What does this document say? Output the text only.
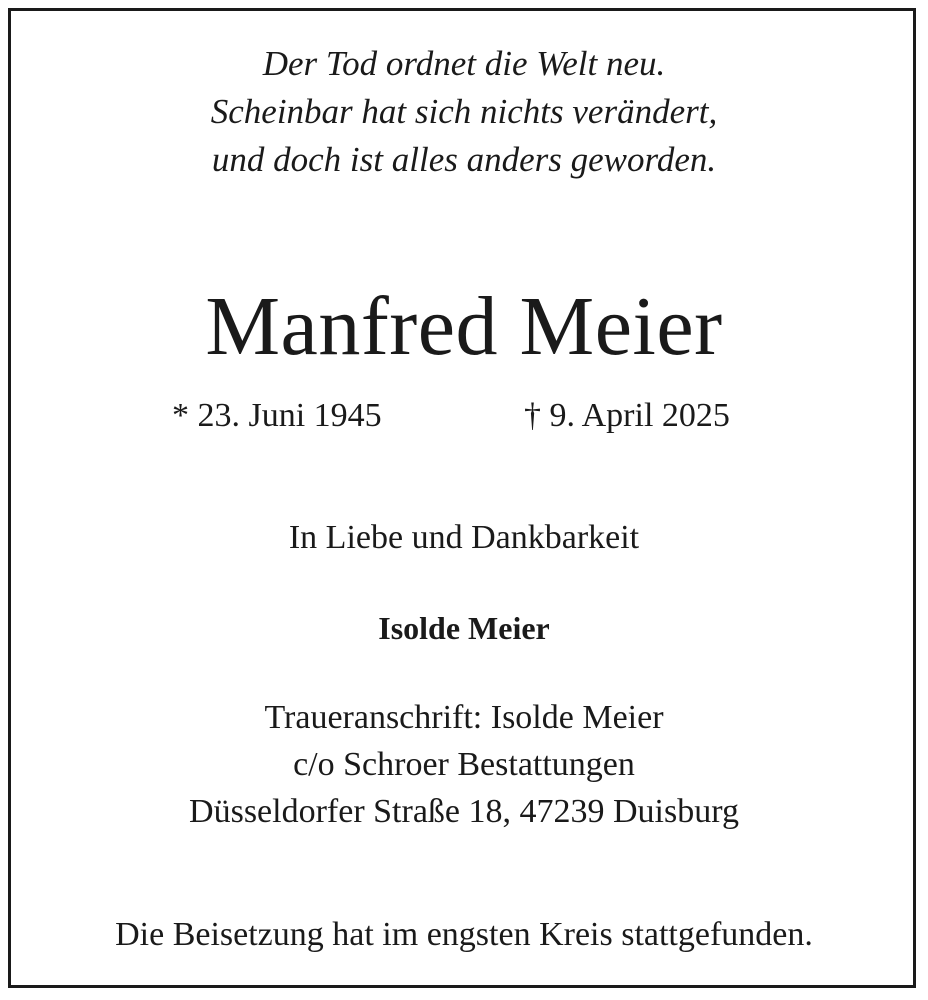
Der Tod ordnet die Welt neu.
Scheinbar hat sich nichts verändert,
und doch ist alles anders geworden.
Manfred Meier
* 23. Juni 1945	† 9. April 2025
In Liebe und Dankbarkeit
Isolde Meier
Traueranschrift: Isolde Meier
c/o Schroer Bestattungen
Düsseldorfer Straße 18, 47239 Duisburg
Die Beisetzung hat im engsten Kreis stattgefunden.
